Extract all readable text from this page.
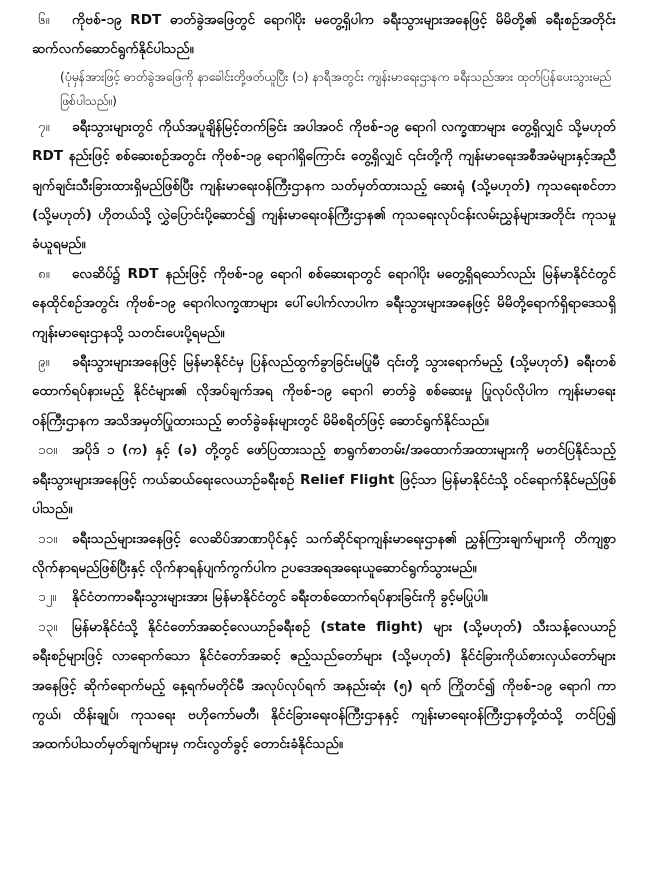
၆။ ကိုဗစ်-၁၉ RDT ဓာတ်ခွဲအဖြေတွင် ရောဂါပိုး မတွေ့ရှိပါက ခရီးသွားများအနေဖြင့် မိမိတို့၏ ခရီးစဉ်အတိုင်း ဆက်လက်ဆောင်ရွက်နိုင်ပါသည်။

(ပုံမှန်အားဖြင့် ဓာတ်ခွဲအဖြေကို နာခေါင်းတို့ဖတ်ယူပြီး (၁) နာရီအတွင်း ကျန်းမာရေးဌာနက ခရီးသည်အား ထုတ်ပြန်ပေးသွားမည် ဖြစ်ပါသည်။)

၇။ ခရီးသွားများတွင် ကိုယ်အပူချိန်မြင့်တက်ခြင်း အပါအဝင် ကိုဗစ်-၁၉ ရောဂါ လက္ခဏာများ တွေ့ရှိလျှင် သို့မဟုတ် RDT နည်းဖြင့် စစ်ဆေးစဉ်အတွင်း ကိုဗစ်-၁၉ ရောဂါရှိကြောင်း တွေ့ရှိလျှင် ၎င်းတို့ကို ကျန်းမာရေးအစီအမံများနှင့်အညီ ချက်ချင်းသီးခြားထားရှိမည်ဖြစ်ပြီး ကျန်းမာရေးဝန်ကြီးဌာနက သတ်မှတ်ထားသည့် ဆေးရုံ (သို့မဟုတ်) ကုသရေးစင်တာ (သို့မဟုတ်) ဟိုတယ်သို့ လွှဲပြောင်းပို့ဆောင်၍ ကျန်းမာရေးဝန်ကြီးဌာန၏ ကုသရေးလုပ်ငန်းလမ်းညွှန်များအတိုင်း ကုသမှုခံယူရမည်။

၈။ လေဆိပ်၌ RDT နည်းဖြင့် ကိုဗစ်-၁၉ ရောဂါ စစ်ဆေးရာတွင် ရောဂါပိုး မတွေ့ရှိရသော်လည်း မြန်မာနိုင်ငံတွင် နေထိုင်စဉ်အတွင်း ကိုဗစ်-၁၉ ရောဂါလက္ခဏာများ ပေါ်ပေါက်လာပါက ခရီးသွားများအနေဖြင့် မိမိတို့ရောက်ရှိရာဒေသရှိ ကျန်းမာရေးဌာနသို့ သတင်းပေးပို့ရမည်။

၉။ ခရီးသွားများအနေဖြင့် မြန်မာနိုင်ငံမှ ပြန်လည်ထွက်ခွာခြင်းမပြုမီ ၎င်းတို့ သွားရောက်မည့် (သို့မဟုတ်) ခရီးတစ်ထောက်ရပ်နားမည့် နိုင်ငံများ၏ လိုအပ်ချက်အရ ကိုဗစ်-၁၉ ရောဂါ ဓာတ်ခွဲ စစ်ဆေးမှု ပြုလုပ်လိုပါက ကျန်းမာရေးဝန်ကြီးဌာနက အသိအမှတ်ပြုထားသည့် ဓာတ်ခွဲခန်းများတွင် မိမိစရိတ်ဖြင့် ဆောင်ရွက်နိုင်သည်။

၁၀။ အပိုဒ် ၁ (က) နှင့် (ခ) တို့တွင် ဖော်ပြထားသည့် စာရွက်စာတမ်း/အထောက်အထားများကို မတင်ပြနိုင်သည့် ခရီးသွားများအနေဖြင့် ကယ်ဆယ်ရေးလေယာဉ်ခရီးစဉ် Relief Flight ဖြင့်သာ မြန်မာနိုင်ငံသို့ ဝင်ရောက်နိုင်မည်ဖြစ်ပါသည်။

၁၁။ ခရီးသည်များအနေဖြင့် လေဆိပ်အာဏာပိုင်နှင့် သက်ဆိုင်ရာကျန်းမာရေးဌာန၏ ညွှန်ကြားချက်များကို တိကျစွာလိုက်နာရမည်ဖြစ်ပြီးနှင့် လိုက်နာရန်ပျက်ကွက်ပါက ဥပဒေအရအရေးယူဆောင်ရွက်သွားမည်။

၁၂။ နိုင်ငံတကာခရီးသွားများအား မြန်မာနိုင်ငံတွင် ခရီးတစ်ထောက်ရပ်နားခြင်းကို ခွင့်မပြုပါ။

၁၃။ မြန်မာနိုင်ငံသို့ နိုင်ငံတော်အဆင့်လေယာဉ်ခရီးစဉ် (state flight) များ (သို့မဟုတ်) သီးသန့်လေယာဉ်ခရီးစဉ်များဖြင့် လာရောက်သော နိုင်ငံတော်အဆင့် ဧည့်သည်တော်များ (သို့မဟုတ်) နိုင်ငံခြားကိုယ်စားလှယ်တော်များအနေဖြင့် ဆိုက်ရောက်မည့် နေ့ရက်မတိုင်မီ အလုပ်လုပ်ရက် အနည်းဆုံး (၅) ရက် ကြိုတင်၍ ကိုဗစ်-၁၉ ရောဂါ ကာကွယ်၊ ထိန်းချုပ်၊ ကုသရေး ဗဟိုကော်မတီ၊ နိုင်ငံခြားရေးဝန်ကြီးဌာနနှင့် ကျန်းမာရေးဝန်ကြီးဌာနတို့ထံသို့ တင်ပြ၍ အထက်ပါသတ်မှတ်ချက်များမှ ကင်းလွတ်ခွင့် တောင်းခံနိုင်သည်။
